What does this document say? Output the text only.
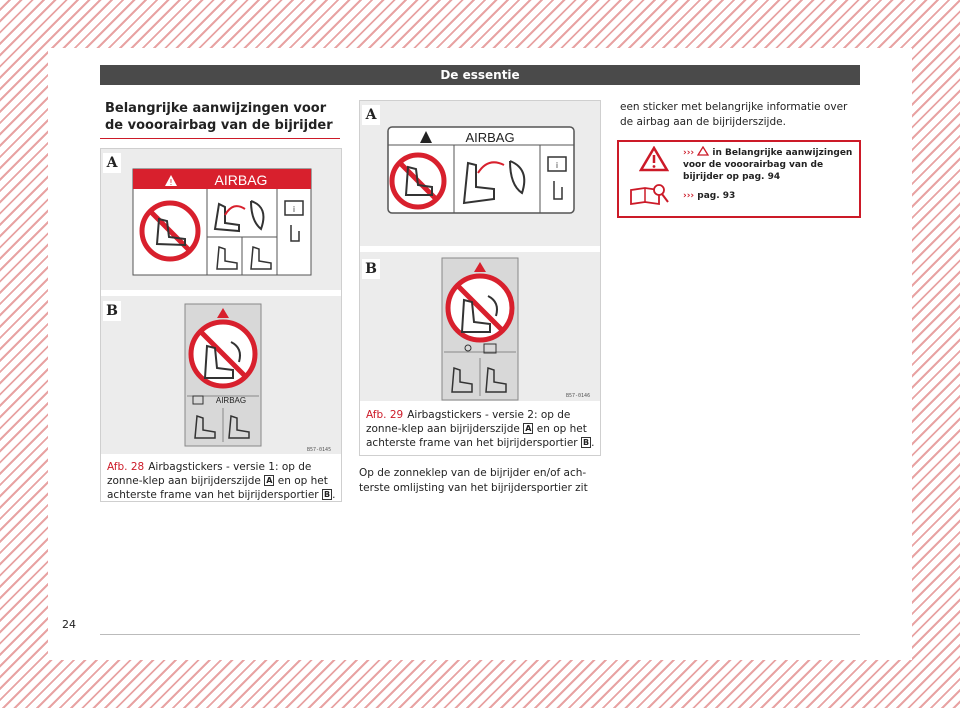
De essentie
Belangrijke aanwijzingen voor de vooorairbag van de bijrijder
A
!	AIRBAG
i
B
AIRBAG
B57-0145
Afb. 28 Airbagstickers - versie 1: op de zonne-klep aan bijrijderszijde A en op het achterste frame van het bijrijdersportier B .
A
AIRBAG
i
B
B57-0146
Afb. 29 Airbagstickers - versie 2: op de zonne-klep aan bijrijderszijde A en op het achterste frame van het bijrijdersportier B .
Op de zonneklep van de bijrijder en/of ach-terste omlijsting van het bijrijdersportier zit
een sticker met belangrijke informatie over de airbag aan de bijrijderszijde.
››› in Belangrijke aanwijzingen voor de vooorairbag van de bijrijder op pag. 94
››› pag. 93
24
